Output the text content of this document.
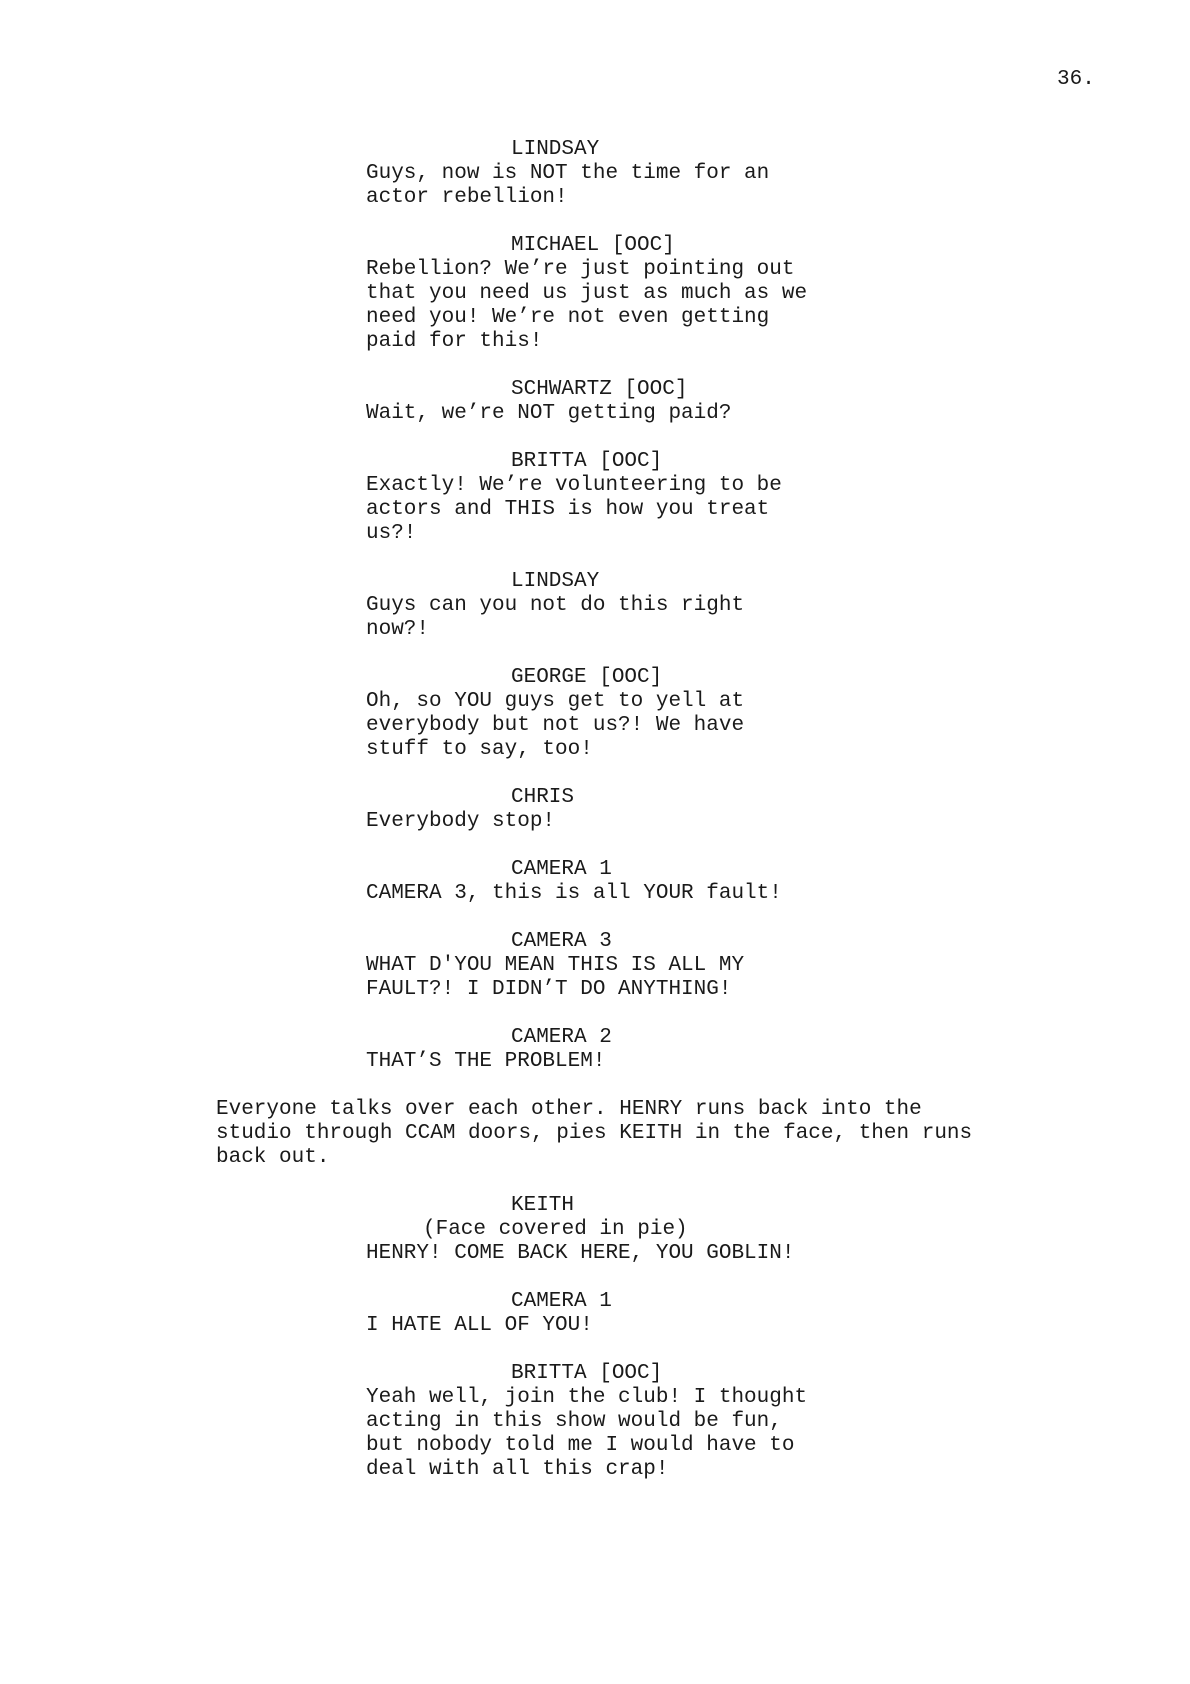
36.
LINDSAY
Guys, now is NOT the time for an
actor rebellion!
MICHAEL [OOC]
Rebellion? We’re just pointing out
that you need us just as much as we
need you! We’re not even getting
paid for this!
SCHWARTZ [OOC]
Wait, we’re NOT getting paid?
BRITTA [OOC]
Exactly! We’re volunteering to be
actors and THIS is how you treat
us?!
LINDSAY
Guys can you not do this right
now?!
GEORGE [OOC]
Oh, so YOU guys get to yell at
everybody but not us?! We have
stuff to say, too!
CHRIS
Everybody stop!
CAMERA 1
CAMERA 3, this is all YOUR fault!
CAMERA 3
WHAT D'YOU MEAN THIS IS ALL MY
FAULT?! I DIDN’T DO ANYTHING!
CAMERA 2
THAT’S THE PROBLEM!
Everyone talks over each other. HENRY runs back into the
studio through CCAM doors, pies KEITH in the face, then runs
back out.
KEITH
(Face covered in pie)
HENRY! COME BACK HERE, YOU GOBLIN!
CAMERA 1
I HATE ALL OF YOU!
BRITTA [OOC]
Yeah well, join the club! I thought
acting in this show would be fun,
but nobody told me I would have to
deal with all this crap!
